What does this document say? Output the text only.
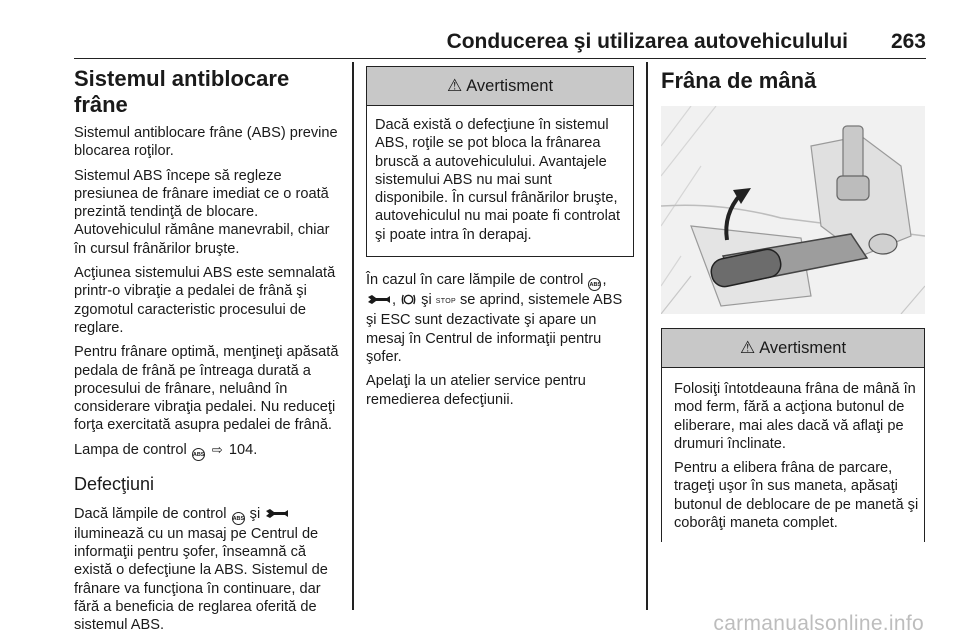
Conducerea şi utilizarea autovehiculului 263
Sistemul antiblocare frâne

Sistemul antiblocare frâne (ABS) previne blocarea roţilor.

Sistemul ABS începe să regleze presiunea de frânare imediat ce o roată prezintă tendinţă de blocare. Autovehiculul rămâne manevrabil, chiar în cursul frânărilor bruşte.

Acţiunea sistemului ABS este semnalată printr-o vibraţie a pedalei de frână şi zgomotul caracteristic procesului de reglare.

Pentru frânare optimă, menţineţi apăsată pedala de frână pe întreaga durată a procesului de frânare, neluând în considerare vibraţia pedalei. Nu reduceţi forţa exercitată asupra pedalei de frână.

Lampa de control ABS ⇨ 104.

Defecţiuni

Dacă lămpile de control ABS şi  iluminează cu un masaj pe Centrul de informaţii pentru şofer, înseamnă că există o defecţiune la ABS. Sistemul de frânare va funcţiona în continuare, dar fără a beneficia de reglarea oferită de sistemul ABS.

⚠ Avertisment

Dacă există o defecţiune în sistemul ABS, roţile se pot bloca la frânarea bruscă a autovehiculului. Avantajele sistemului ABS nu mai sunt disponibile. În cursul frânărilor bruşte, autovehiculul nu mai poate fi controlat şi poate intra în derapaj.

În cazul în care lămpile de control ABS, ,  şi STOP se aprind, sistemele ABS şi ESC sunt dezactivate şi apare un mesaj în Centrul de informaţii pentru şofer.

Apelaţi la un atelier service pentru remedierea defecţiunii.

Frâna de mână
⚠ Avertisment

Folosiţi întotdeauna frâna de mână în mod ferm, fără a acţiona butonul de eliberare, mai ales dacă vă aflaţi pe drumuri înclinate.

Pentru a elibera frâna de parcare, trageţi uşor în sus maneta, apăsaţi butonul de deblocare de pe manetă şi coborâţi maneta complet.

carmanualsonline.info
